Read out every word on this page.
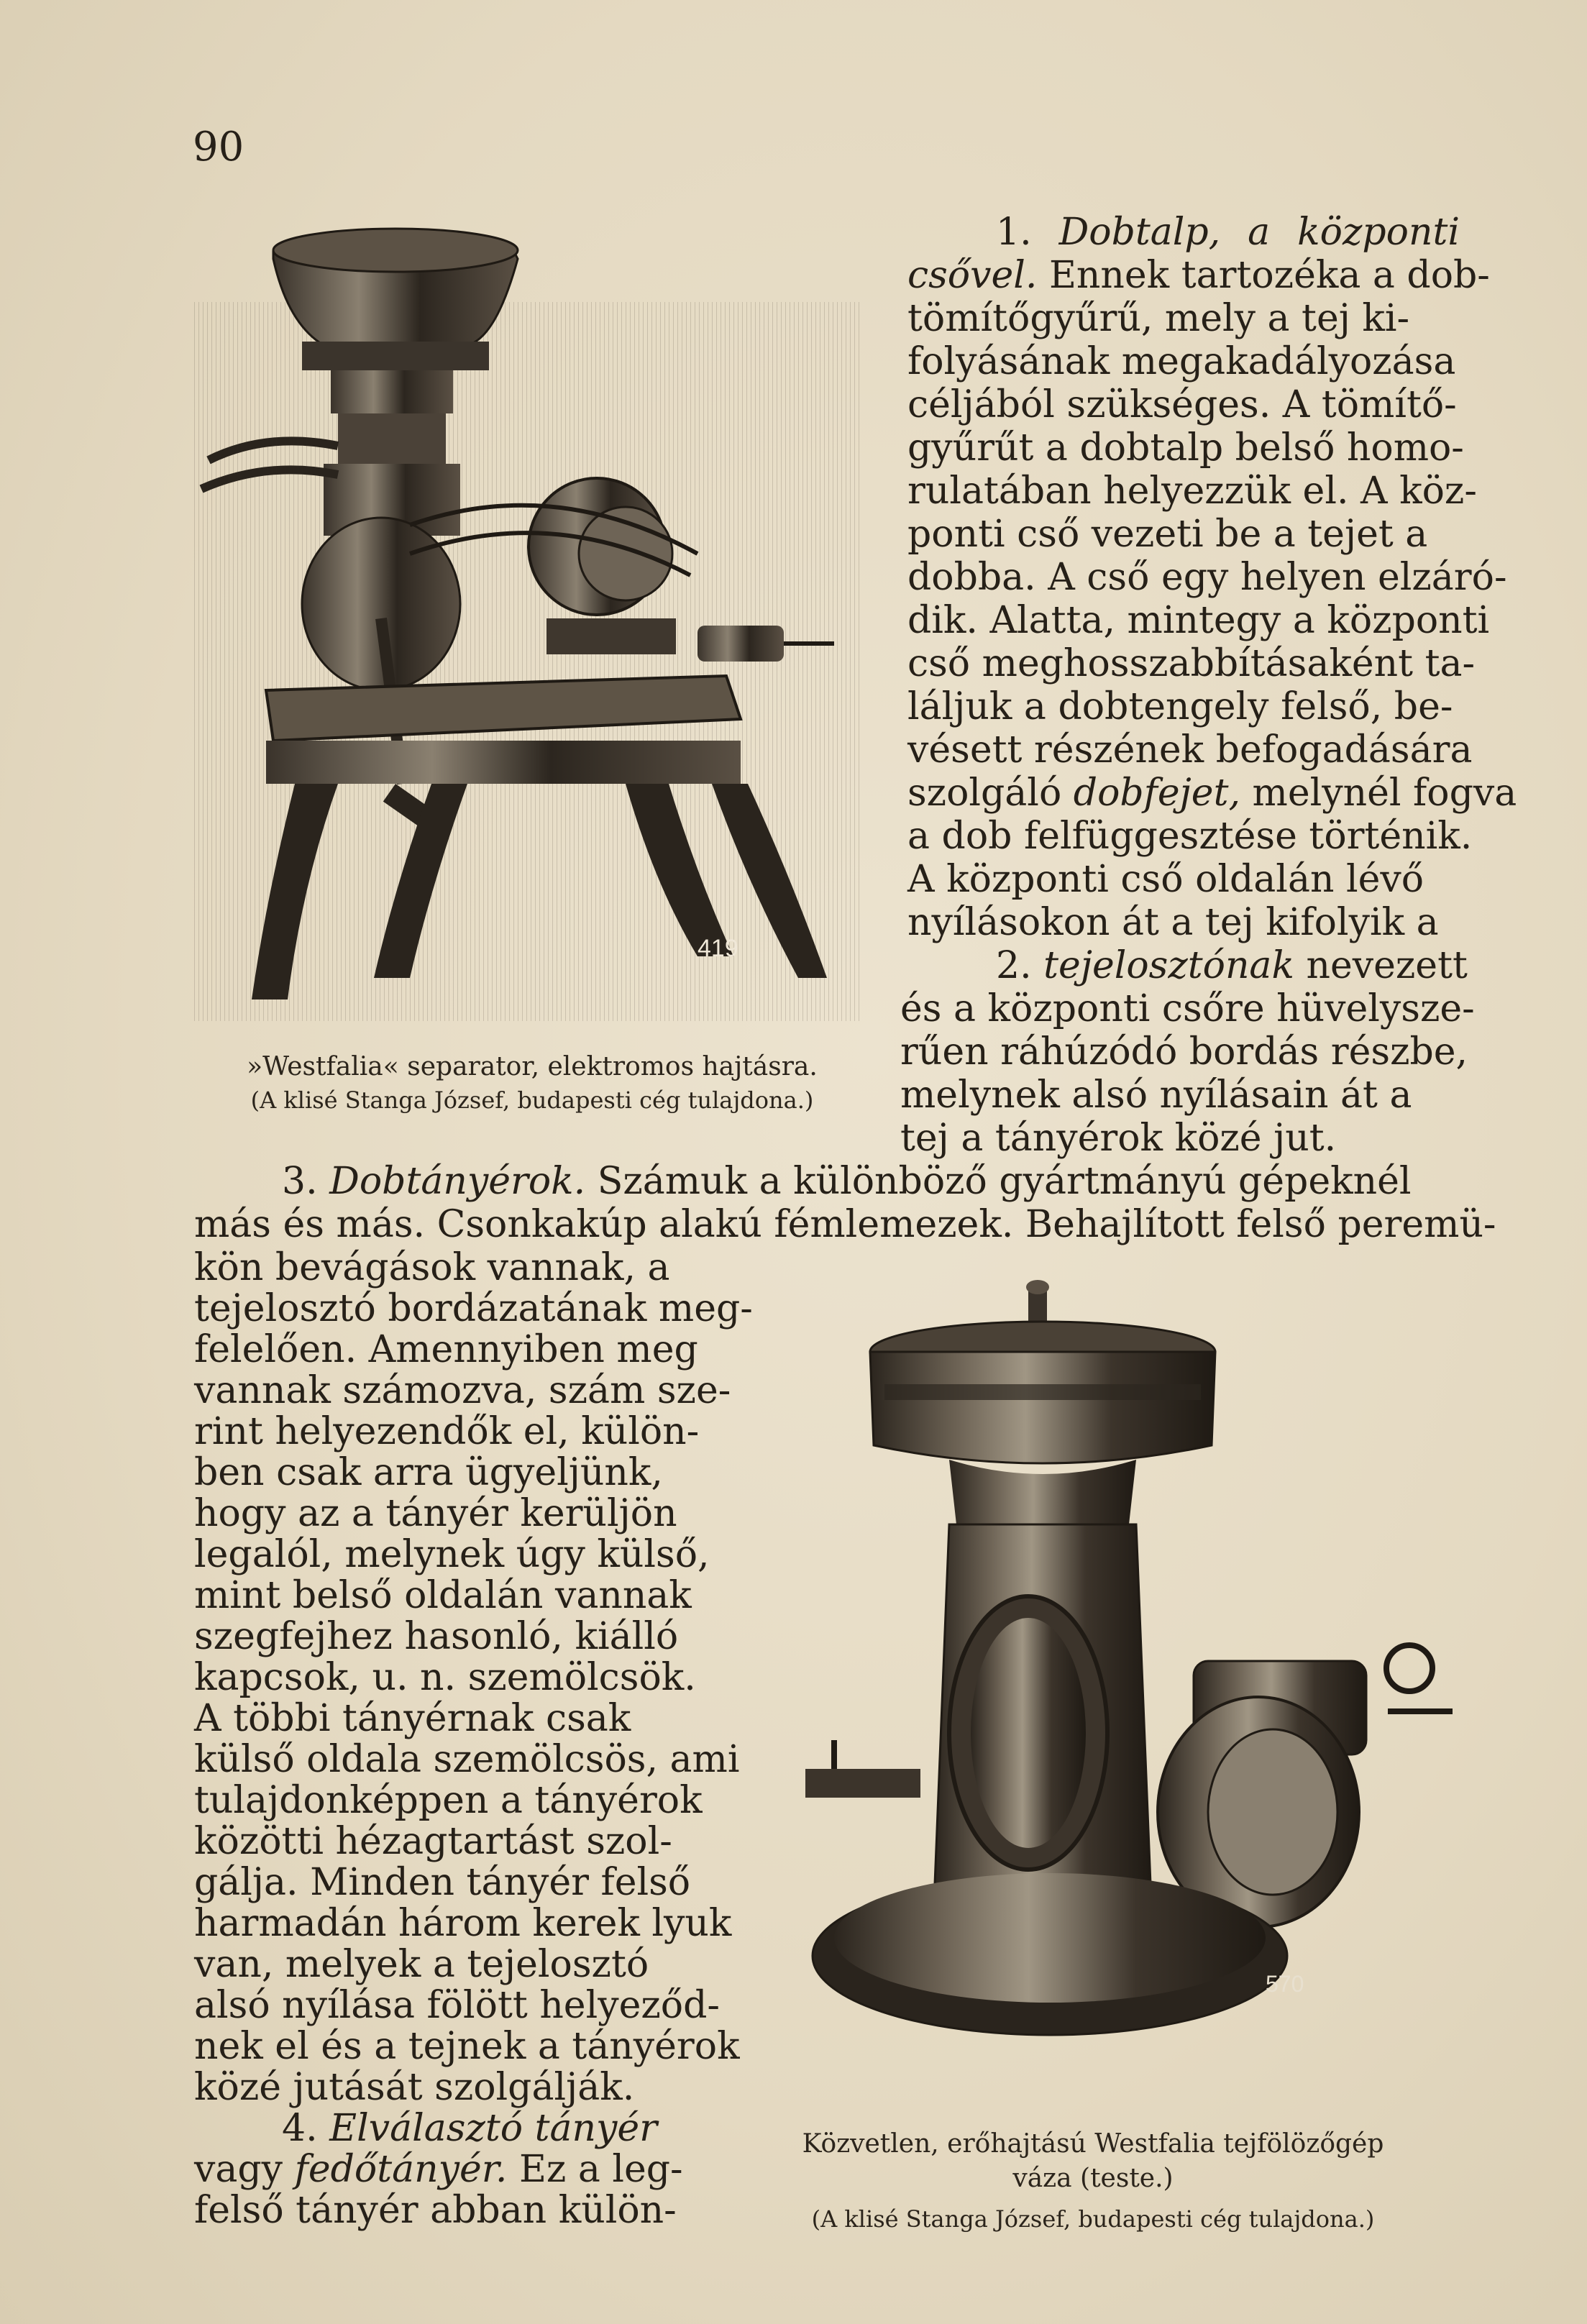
90
419
»Westfalia« separator, elektromos hajtásra.
(A klisé Stanga József, budapesti cég tulajdona.)
1. Dobtalp, a központi
csővel. Ennek tartozéka a dob-
tömítőgyűrű, mely a tej ki-
folyásának megakadályozása
céljából szükséges. A tömítő-
gyűrűt a dobtalp belső homo-
rulatában helyezzük el. A köz-
ponti cső vezeti be a tejet a
dobba. A cső egy helyen elzáró-
dik. Alatta, mintegy a központi
cső meghosszabbításaként ta-
láljuk a dobtengely felső, be-
vésett részének befogadására
szolgáló dobfejet, melynél fogva
a dob felfüggesztése történik.
A központi cső oldalán lévő
nyílásokon át a tej kifolyik a
2. tejelosztónak nevezett
és a központi csőre hüvelysze-
rűen ráhúzódó bordás részbe,
melynek alsó nyílásain át a
tej a tányérok közé jut.
3. Dobtányérok. Számuk a különböző gyártmányú gépeknél
más és más. Csonkakúp alakú fémlemezek. Behajlított felső peremü-
kön bevágások vannak, a
tejelosztó bordázatának meg-
felelően. Amennyiben meg
vannak számozva, szám sze-
rint helyezendők el, külön-
ben csak arra ügyeljünk,
hogy az a tányér kerüljön
legalól, melynek úgy külső,
mint belső oldalán vannak
szegfejhez hasonló, kiálló
kapcsok, u. n. szemölcsök.
A többi tányérnak csak
külső oldala szemölcsös, ami
tulajdonképpen a tányérok
közötti hézagtartást szol-
gálja. Minden tányér felső
harmadán három kerek lyuk
van, melyek a tejelosztó
alsó nyílása fölött helyeződ-
nek el és a tejnek a tányérok
közé jutását szolgálják.
4. Elválasztó tányér
vagy fedőtányér. Ez a leg-
felső tányér abban külön-
570
Közvetlen, erőhajtású Westfalia tejfölözőgép
váza (teste.)
(A klisé Stanga József, budapesti cég tulajdona.)
